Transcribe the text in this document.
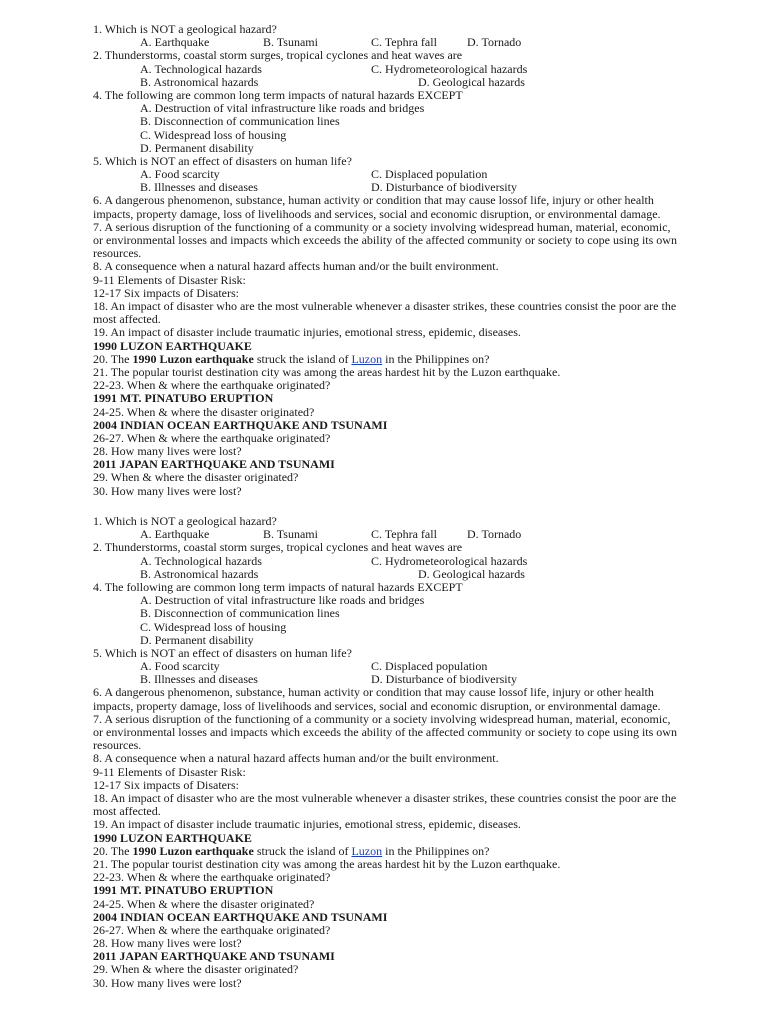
1. Which is NOT a geological hazard?
A. Earthquake	B. Tsunami	C. Tephra fall	D. Tornado
2. Thunderstorms, coastal storm surges, tropical cyclones and heat waves are
A. Technological hazards	C. Hydrometeorological hazards
B. Astronomical hazards	D. Geological hazards
4. The following are common long term impacts of natural hazards EXCEPT
A. Destruction of vital infrastructure like roads and bridges
B. Disconnection of communication lines
C. Widespread loss of housing
D. Permanent disability
5. Which is NOT an effect of disasters on human life?
A. Food scarcity	C. Displaced population
B. Illnesses and diseases	D. Disturbance of biodiversity
6. A dangerous phenomenon, substance, human activity or condition that may cause lossof life, injury or other health impacts, property damage, loss of livelihoods and services, social and economic disruption, or environmental damage.
7. A serious disruption of the functioning of a community or a society involving widespread human, material, economic, or environmental losses and impacts which exceeds the ability of the affected community or society to cope using its own resources.
8. A consequence when a natural hazard affects human and/or the built environment.
9-11 Elements of Disaster Risk:
12-17 Six impacts of Disaters:
18. An impact of disaster who are the most vulnerable whenever a disaster strikes, these countries consist the poor are the most affected.
19. An impact of disaster include traumatic injuries, emotional stress, epidemic, diseases.
1990 LUZON EARTHQUAKE
20. The 1990 Luzon earthquake struck the island of Luzon in the Philippines on?
21. The popular tourist destination city was among the areas hardest hit by the Luzon earthquake.
22-23. When & where the earthquake originated?
1991 MT. PINATUBO ERUPTION
24-25. When & where the disaster originated?
2004 INDIAN OCEAN EARTHQUAKE AND TSUNAMI
26-27. When & where the earthquake originated?
28. How many lives were lost?
2011 JAPAN EARTHQUAKE AND TSUNAMI
29. When & where the disaster originated?
30. How many lives were lost?
1. Which is NOT a geological hazard?
A. Earthquake	B. Tsunami	C. Tephra fall	D. Tornado
2. Thunderstorms, coastal storm surges, tropical cyclones and heat waves are
A. Technological hazards	C. Hydrometeorological hazards
B. Astronomical hazards	D. Geological hazards
4. The following are common long term impacts of natural hazards EXCEPT
A. Destruction of vital infrastructure like roads and bridges
B. Disconnection of communication lines
C. Widespread loss of housing
D. Permanent disability
5. Which is NOT an effect of disasters on human life?
A. Food scarcity	C. Displaced population
B. Illnesses and diseases	D. Disturbance of biodiversity
6. A dangerous phenomenon, substance, human activity or condition that may cause lossof life, injury or other health impacts, property damage, loss of livelihoods and services, social and economic disruption, or environmental damage.
7. A serious disruption of the functioning of a community or a society involving widespread human, material, economic, or environmental losses and impacts which exceeds the ability of the affected community or society to cope using its own resources.
8. A consequence when a natural hazard affects human and/or the built environment.
9-11 Elements of Disaster Risk:
12-17 Six impacts of Disaters:
18. An impact of disaster who are the most vulnerable whenever a disaster strikes, these countries consist the poor are the most affected.
19. An impact of disaster include traumatic injuries, emotional stress, epidemic, diseases.
1990 LUZON EARTHQUAKE
20. The 1990 Luzon earthquake struck the island of Luzon in the Philippines on?
21. The popular tourist destination city was among the areas hardest hit by the Luzon earthquake.
22-23. When & where the earthquake originated?
1991 MT. PINATUBO ERUPTION
24-25. When & where the disaster originated?
2004 INDIAN OCEAN EARTHQUAKE AND TSUNAMI
26-27. When & where the earthquake originated?
28. How many lives were lost?
2011 JAPAN EARTHQUAKE AND TSUNAMI
29. When & where the disaster originated?
30. How many lives were lost?
